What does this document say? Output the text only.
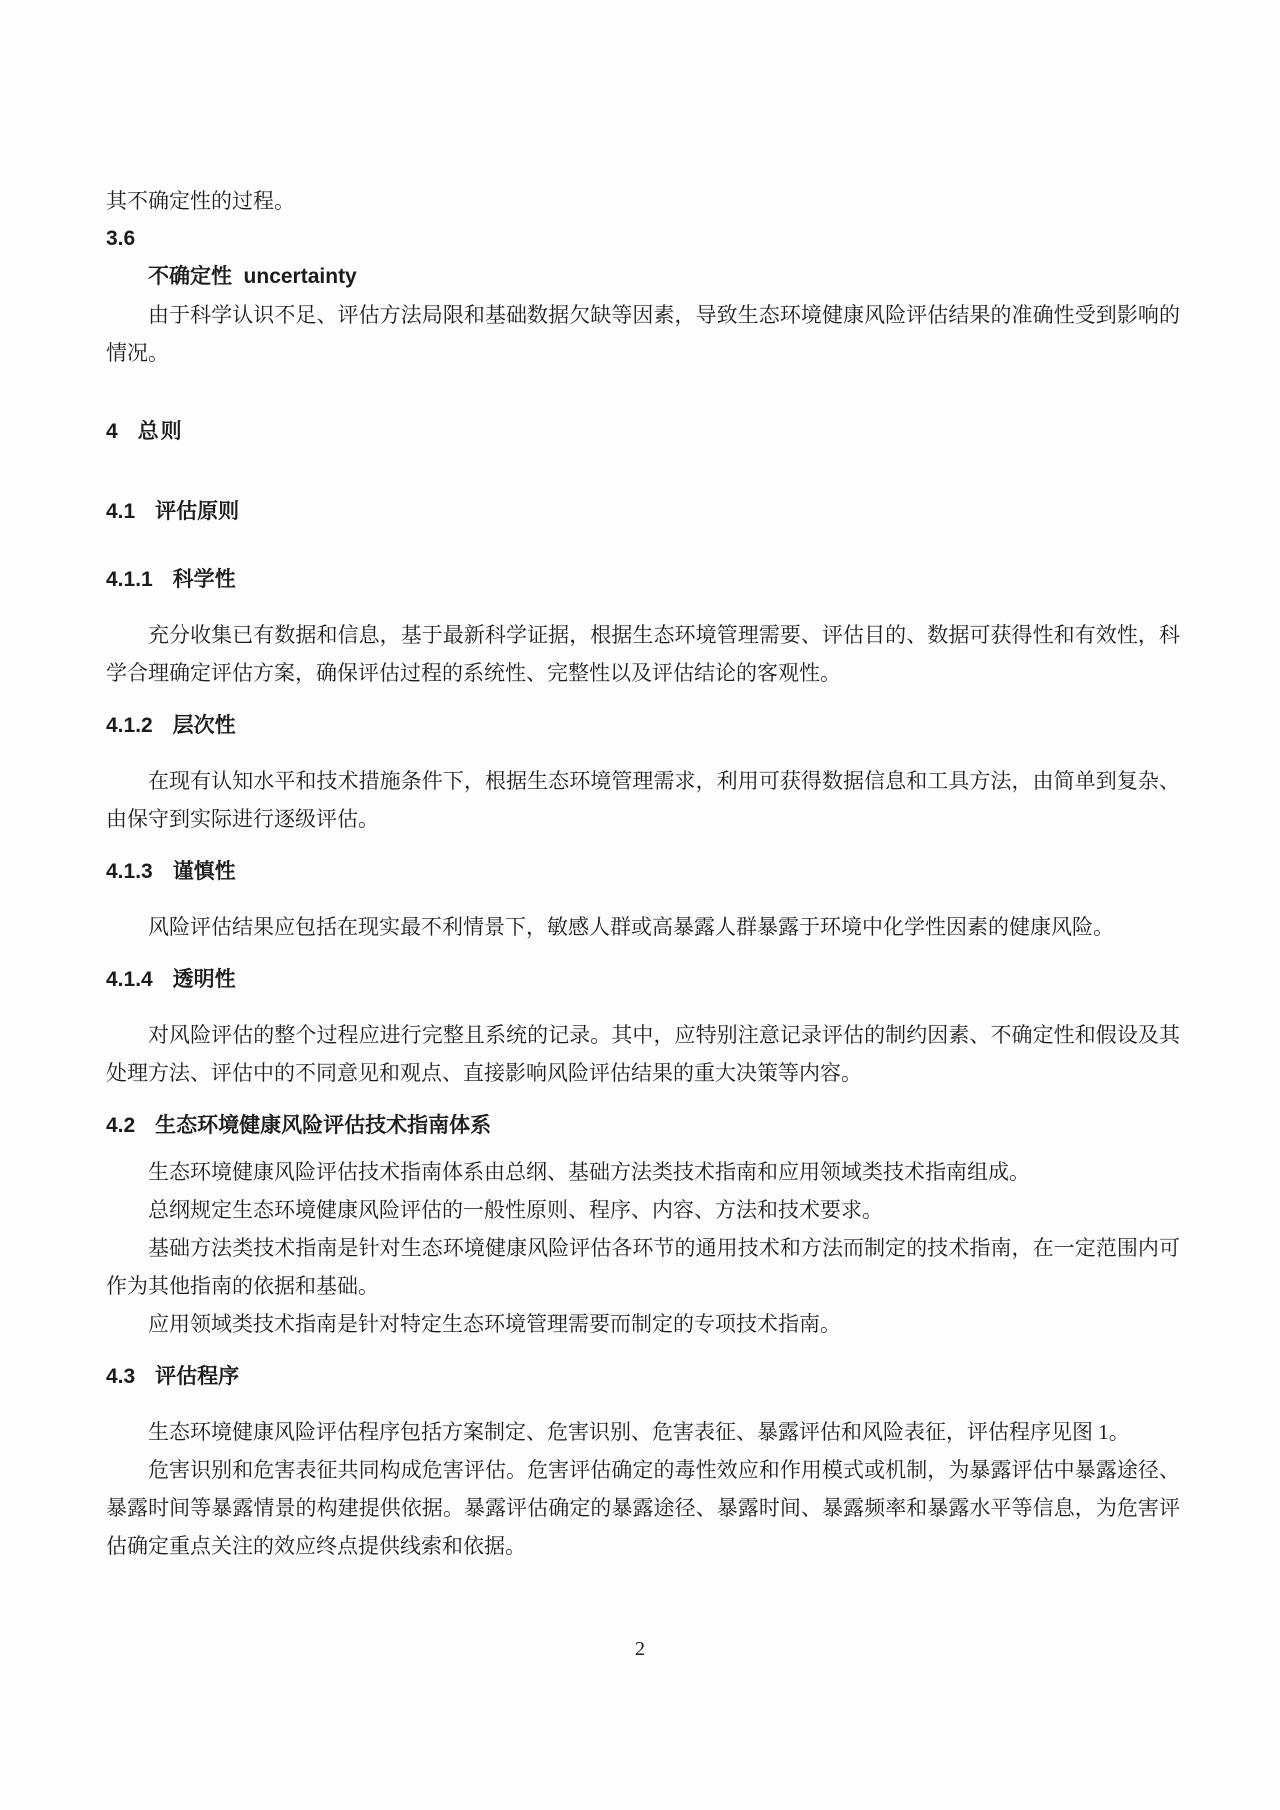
其不确定性的过程。

3.6
不确定性 uncertainty

由于科学认识不足、评估方法局限和基础数据欠缺等因素，导致生态环境健康风险评估结果的准确性受到影响的情况。

4 总则
4.1 评估原则
4.1.1 科学性

充分收集已有数据和信息，基于最新科学证据，根据生态环境管理需要、评估目的、数据可获得性和有效性，科学合理确定评估方案，确保评估过程的系统性、完整性以及评估结论的客观性。

4.1.2 层次性

在现有认知水平和技术措施条件下，根据生态环境管理需求，利用可获得数据信息和工具方法，由简单到复杂、由保守到实际进行逐级评估。

4.1.3 谨慎性

风险评估结果应包括在现实最不利情景下，敏感人群或高暴露人群暴露于环境中化学性因素的健康风险。

4.1.4 透明性

对风险评估的整个过程应进行完整且系统的记录。其中，应特别注意记录评估的制约因素、不确定性和假设及其处理方法、评估中的不同意见和观点、直接影响风险评估结果的重大决策等内容。

4.2 生态环境健康风险评估技术指南体系

生态环境健康风险评估技术指南体系由总纲、基础方法类技术指南和应用领域类技术指南组成。

总纲规定生态环境健康风险评估的一般性原则、程序、内容、方法和技术要求。

基础方法类技术指南是针对生态环境健康风险评估各环节的通用技术和方法而制定的技术指南，在一定范围内可作为其他指南的依据和基础。

应用领域类技术指南是针对特定生态环境管理需要而制定的专项技术指南。

4.3 评估程序

生态环境健康风险评估程序包括方案制定、危害识别、危害表征、暴露评估和风险表征，评估程序见图 1。

危害识别和危害表征共同构成危害评估。危害评估确定的毒性效应和作用模式或机制，为暴露评估中暴露途径、暴露时间等暴露情景的构建提供依据。暴露评估确定的暴露途径、暴露时间、暴露频率和暴露水平等信息，为危害评估确定重点关注的效应终点提供线索和依据。

2
